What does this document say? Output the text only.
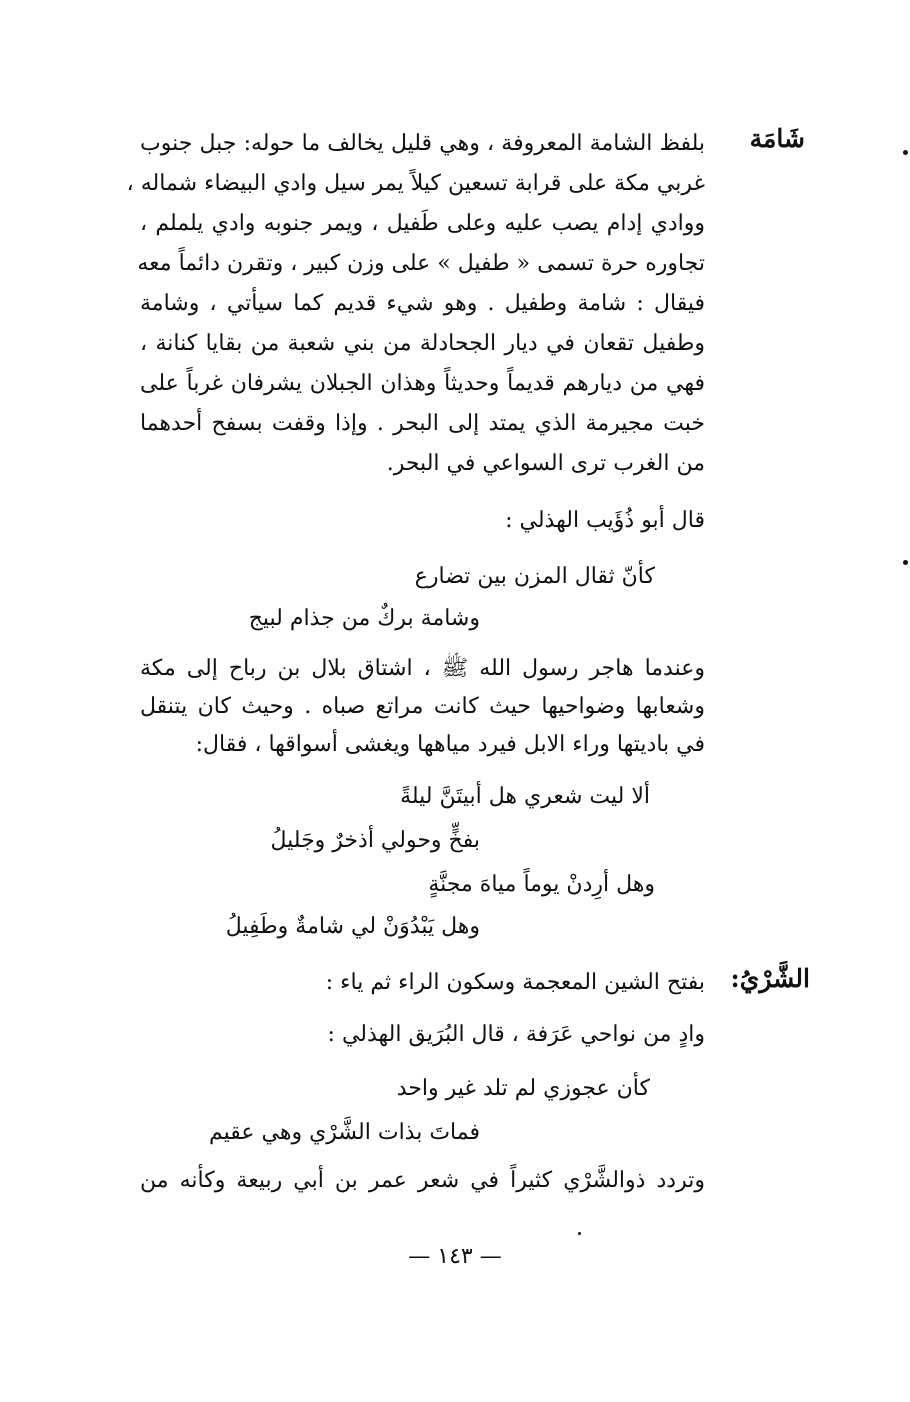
شَامَة
بلفظ الشامة المعروفة ، وهي قليل يخالف ما حوله: جبل جنوب
غربي مكة على قرابة تسعين كيلاً يمر سيل وادي البيضاء شماله ،
ووادي إدام يصب عليه وعلى طَفيل ، ويمر جنوبه وادي يلملم ،
تجاوره حرة تسمى « طفيل » على وزن كبير ، وتقرن دائماً معه
فيقال : شامة وطفيل . وهو شيء قديم كما سيأتي ، وشامة
وطفيل تقعان في ديار الجحادلة من بني شعبة من بقايا كنانة ،
فهي من ديارهم قديماً وحديثاً وهذان الجبلان يشرفان غرباً على
خبت مجيرمة الذي يمتد إلى البحر . وإذا وقفت بسفح أحدهما
من الغرب ترى السواعي في البحر.
قال أبو ذُؤَيب الهذلي :
كأنّ ثقال المزن بين تضارع
وشامة بركٌ من جذام لبيج
وعندما هاجر رسول الله ﷺ ، اشتاق بلال بن رباح إلى مكة
وشعابها وضواحيها حيث كانت مراتع صباه . وحيث كان يتنقل
في باديتها وراء الابل فيرد مياهها ويغشى أسواقها ، فقال:
ألا ليت شعري هل أبيتَنَّ ليلةً
بفخٍّ وحولي أذخرٌ وجَليلُ
وهل أرِدنْ يوماً مياهَ مجنَّةٍ
وهل يَبْدُوَنْ لي شامةٌ وطَفِيلُ
الشَّرْيُ:
بفتح الشين المعجمة وسكون الراء ثم ياء :
وادٍ من نواحي عَرَفة ، قال البُرَيق الهذلي :
كأن عجوزي لم تلد غير واحد
فماتَ بذات الشَّرْي وهي عقيم
وتردد ذوالشَّرْي كثيراً في شعر عمر بن أبي ربيعة وكأنه من
— ١٤٣ —
